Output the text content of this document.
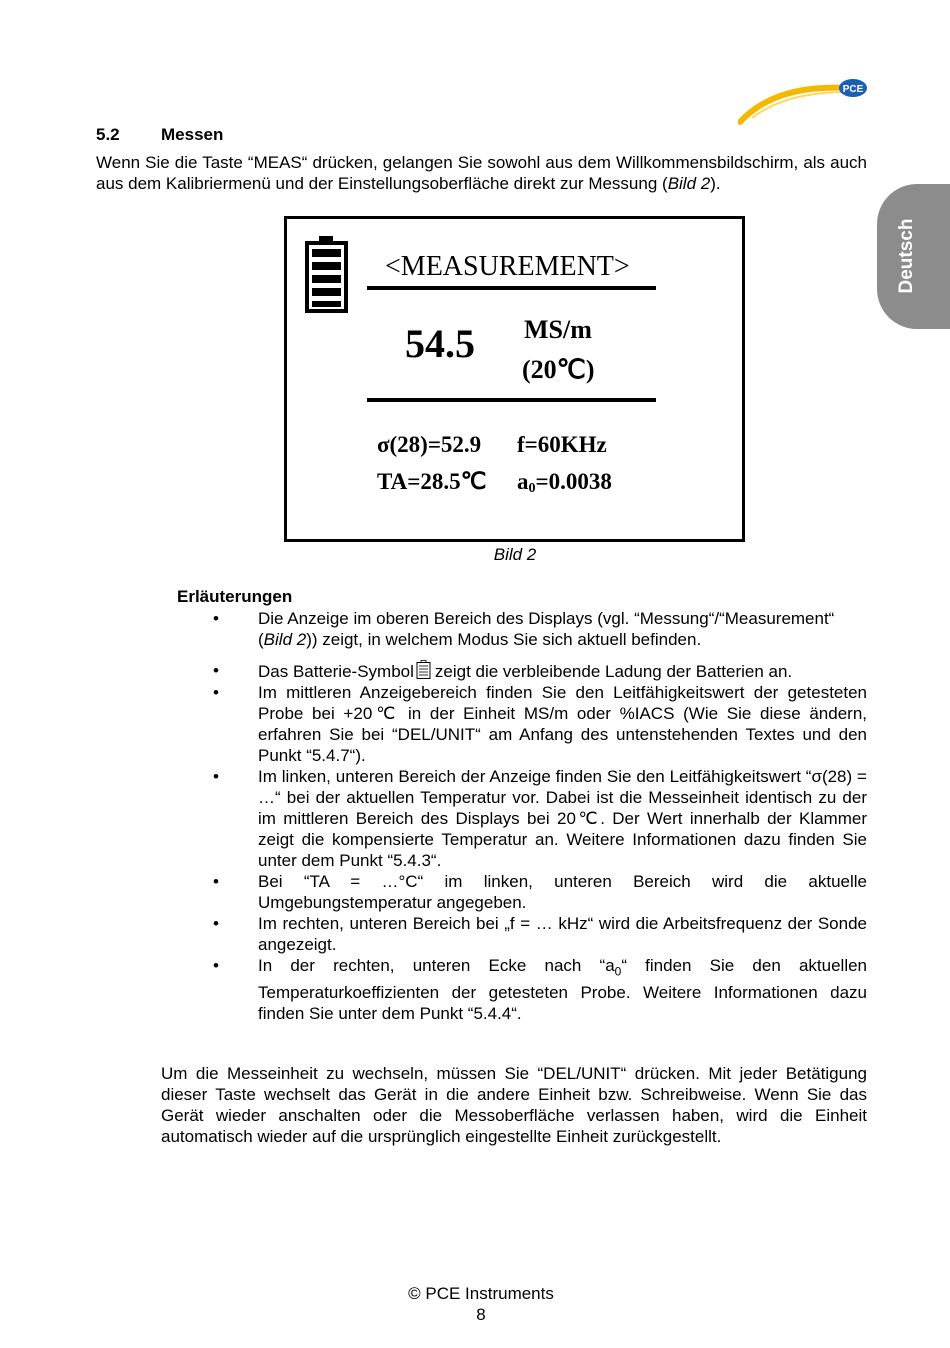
PCE
Deutsch
5.2 Messen
Wenn Sie die Taste “MEAS“ drücken, gelangen Sie sowohl aus dem Willkommensbildschirm, als auch aus dem Kalibriermenü und der Einstellungsoberfläche direkt zur Messung (Bild 2).
<MEASUREMENT>
54.5 MS/m
(20℃)
σ(28)=52.9 f=60KHz
TA=28.5℃ a0=0.0038
Bild 2
Erläuterungen
• Die Anzeige im oberen Bereich des Displays (vgl. “Messung“/“Measurement“
(Bild 2)) zeigt, in welchem Modus Sie sich aktuell befinden.
• Das Batterie-Symbol zeigt die verbleibende Ladung der Batterien an.
• Im mittleren Anzeigebereich finden Sie den Leitfähigkeitswert der getesteten Probe bei +20℃ in der Einheit MS/m oder %IACS (Wie Sie diese ändern, erfahren Sie bei “DEL/UNIT“ am Anfang des untenstehenden Textes und den Punkt “5.4.7“).
• Im linken, unteren Bereich der Anzeige finden Sie den Leitfähigkeitswert “σ(28) = …“ bei der aktuellen Temperatur vor. Dabei ist die Messeinheit identisch zu der im mittleren Bereich des Displays bei 20℃. Der Wert innerhalb der Klammer zeigt die kompensierte Temperatur an. Weitere Informationen dazu finden Sie unter dem Punkt “5.4.3“.
• Bei “TA = …°C“ im linken, unteren Bereich wird die aktuelle Umgebungstemperatur angegeben.
• Im rechten, unteren Bereich bei „f = … kHz“ wird die Arbeitsfrequenz der Sonde angezeigt.
• In der rechten, unteren Ecke nach “$a_0“$ finden Sie den aktuellen Temperaturkoeffizienten der getesteten Probe. Weitere Informationen dazu finden Sie unter dem Punkt “5.4.4“.
Um die Messeinheit zu wechseln, müssen Sie “DEL/UNIT“ drücken. Mit jeder Betätigung dieser Taste wechselt das Gerät in die andere Einheit bzw. Schreibweise. Wenn Sie das Gerät wieder anschalten oder die Messoberfläche verlassen haben, wird die Einheit automatisch wieder auf die ursprünglich eingestellte Einheit zurückgestellt.
© PCE Instruments
8
